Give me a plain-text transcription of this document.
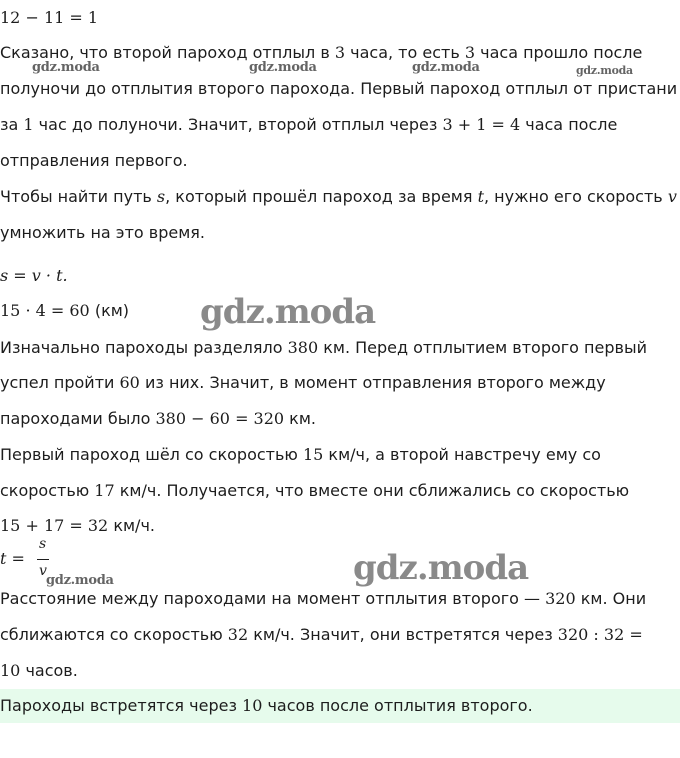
12 − 11 = 1
Сказано, что второй пароход отплыл в 3 часа, то есть 3 часа прошло после
полуночи до отплытия второго парохода. Первый пароход отплыл от пристани
за 1 час до полуночи. Значит, второй отплыл через 3 + 1 = 4 часа после
отправления первого.
Чтобы найти путь s, который прошёл пароход за время t, нужно его скорость v
умножить на это время.
s = v · t.
15 · 4 = 60 (км)
Изначально пароходы разделяло 380 км. Перед отплытием второго первый
успел пройти 60 из них. Значит, в момент отправления второго между
пароходами было 380 − 60 = 320 км.
Первый пароход шёл со скоростью 15 км/ч, а второй навстречу ему со
скоростью 17 км/ч. Получается, что вместе они сближались со скоростью
15 + 17 = 32 км/ч.
t =
s
v
Расстояние между пароходами на момент отплытия второго — 320 км. Они
сближаются со скоростью 32 км/ч. Значит, они встретятся через 320 : 32 =
10 часов.
Пароходы встретятся через 10 часов после отплытия второго.
gdz.moda	gdz.moda	gdz.moda	gdz.moda
gdz.moda
gdz.moda
gdz.moda
